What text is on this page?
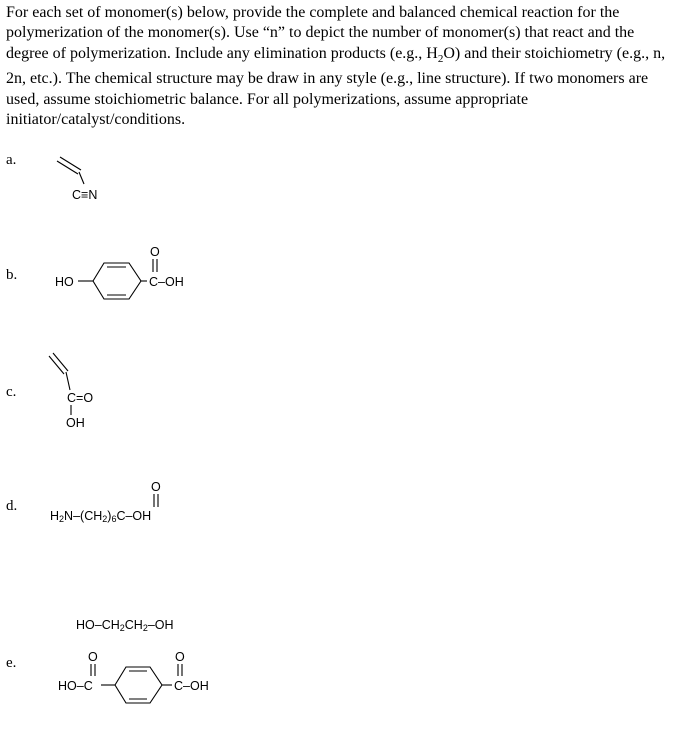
For each set of monomer(s) below, provide the complete and balanced chemical reaction for the polymerization of the monomer(s). Use “n” to depict the number of monomer(s) that react and the degree of polymerization. Include any elimination products (e.g., $H_2O$) and their stoichiometry (e.g., n, 2n, etc.). The chemical structure may be draw in any style (e.g., line structure). If two monomers are used, assume stoichiometric balance. For all polymerizations, assume appropriate initiator/catalyst/conditions.

a.
b.
c.
d.
e.
C≡N
HO
O
C–OH
C=O
OH
O
HO–C
O	O
C–OH
$H_2N-(CH_2)_6C-OH$
$HO-CH_2CH_2-OH$
